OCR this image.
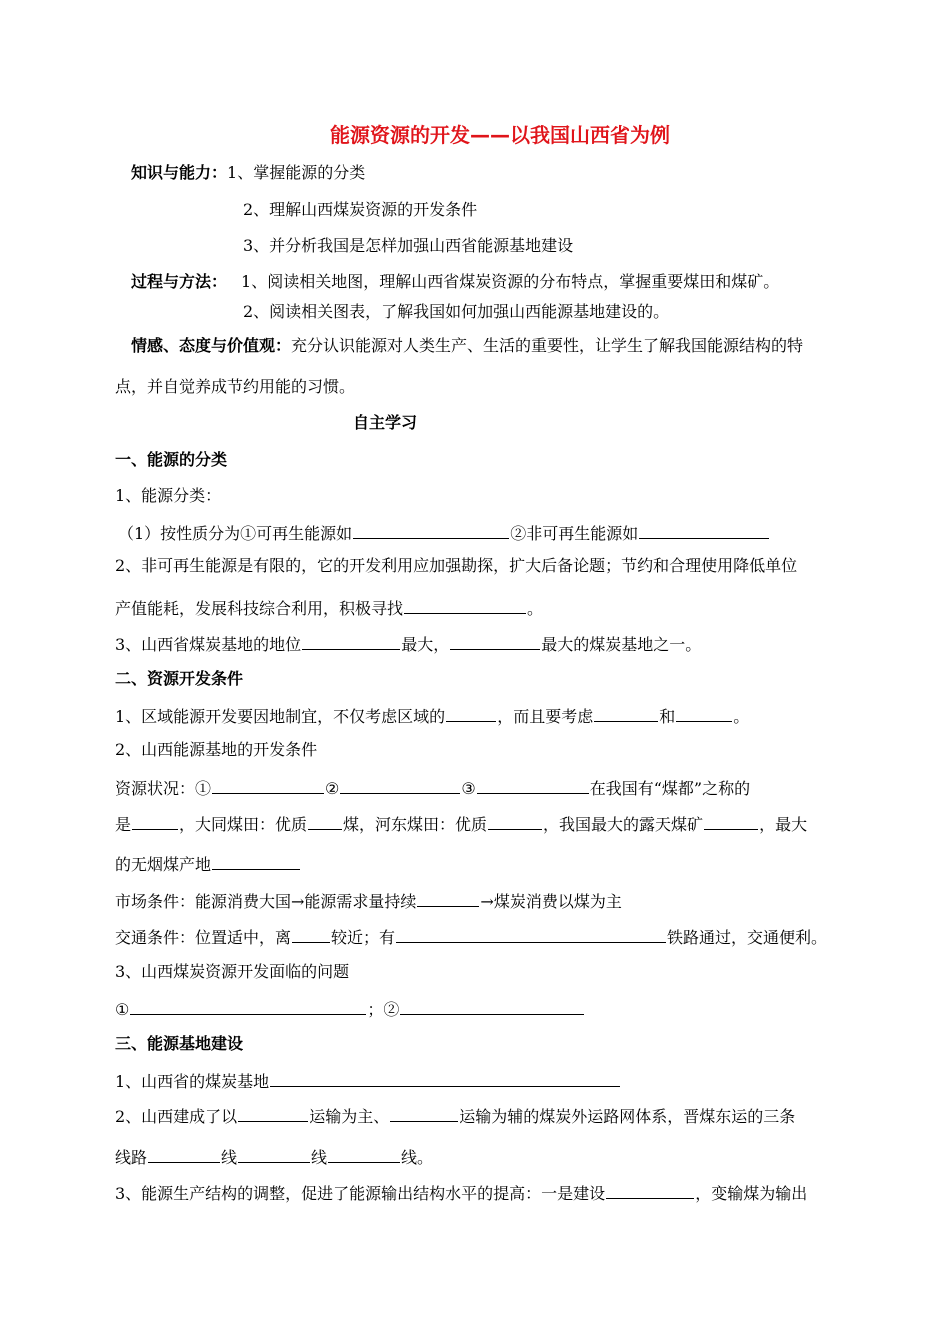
能源资源的开发——以我国山西省为例
知识与能力：1、掌握能源的分类
2、理解山西煤炭资源的开发条件
3、并分析我国是怎样加强山西省能源基地建设
过程与方法： 1、阅读相关地图，理解山西省煤炭资源的分布特点，掌握重要煤田和煤矿。
2、阅读相关图表，了解我国如何加强山西能源基地建设的。
情感、态度与价值观：充分认识能源对人类生产、生活的重要性，让学生了解我国能源结构的特
点，并自觉养成节约用能的习惯。
自主学习
一、能源的分类
1、能源分类：
（1）按性质分为①可再生能源如	②非可再生能源如
2、非可再生能源是有限的，它的开发利用应加强勘探，扩大后备论题；节约和合理使用降低单位
产值能耗，发展科技综合利用，积极寻找	。
3、山西省煤炭基地的地位	最大，	最大的煤炭基地之一。
二、资源开发条件
1、区域能源开发要因地制宜，不仅考虑区域的	，而且要考虑	和	。
2、山西能源基地的开发条件
资源状况：①	②	③	在我国有“煤都”之称的
是	，大同煤田：优质 煤，河东煤田：优质	，我国最大的露天煤矿	，最大
的无烟煤产地
市场条件：能源消费大国→能源需求量持续	→煤炭消费以煤为主
交通条件：位置适中，离	较近；有	铁路通过，交通便利。
3、山西煤炭资源开发面临的问题
①	；②
三、能源基地建设
1、山西省的煤炭基地
2、山西建成了以	运输为主、	运输为辅的煤炭外运路网体系，晋煤东运的三条
线路	线	线	线。
3、能源生产结构的调整，促进了能源输出结构水平的提高：一是建设	，变输煤为输出
